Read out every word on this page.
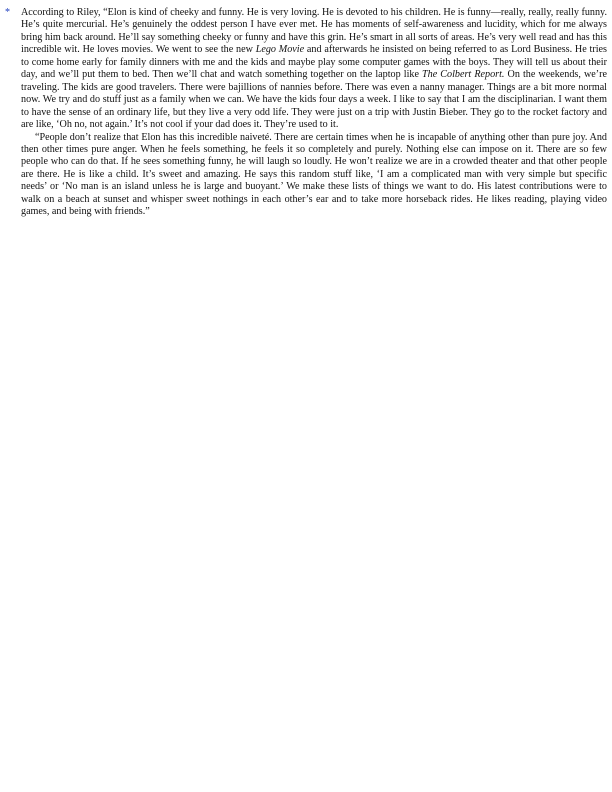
* According to Riley, “Elon is kind of cheeky and funny. He is very loving. He is devoted to his children. He is funny—really, really, really funny. He’s quite mercurial. He’s genuinely the oddest person I have ever met. He has moments of self-awareness and lucidity, which for me always bring him back around. He’ll say something cheeky or funny and have this grin. He’s smart in all sorts of areas. He’s very well read and has this incredible wit. He loves movies. We went to see the new Lego Movie and afterwards he insisted on being referred to as Lord Business. He tries to come home early for family dinners with me and the kids and maybe play some computer games with the boys. They will tell us about their day, and we’ll put them to bed. Then we’ll chat and watch something together on the laptop like The Colbert Report. On the weekends, we’re traveling. The kids are good travelers. There were bajillions of nannies before. There was even a nanny manager. Things are a bit more normal now. We try and do stuff just as a family when we can. We have the kids four days a week. I like to say that I am the disciplinarian. I want them to have the sense of an ordinary life, but they live a very odd life. They were just on a trip with Justin Bieber. They go to the rocket factory and are like, ‘Oh no, not again.’ It’s not cool if your dad does it. They’re used to it.

“People don’t realize that Elon has this incredible naiveté. There are certain times when he is incapable of anything other than pure joy. And then other times pure anger. When he feels something, he feels it so completely and purely. Nothing else can impose on it. There are so few people who can do that. If he sees something funny, he will laugh so loudly. He won’t realize we are in a crowded theater and that other people are there. He is like a child. It’s sweet and amazing. He says this random stuff like, ‘I am a complicated man with very simple but specific needs’ or ‘No man is an island unless he is large and buoyant.’ We make these lists of things we want to do. His latest contributions were to walk on a beach at sunset and whisper sweet nothings in each other’s ear and to take more horseback rides. He likes reading, playing video games, and being with friends.”
